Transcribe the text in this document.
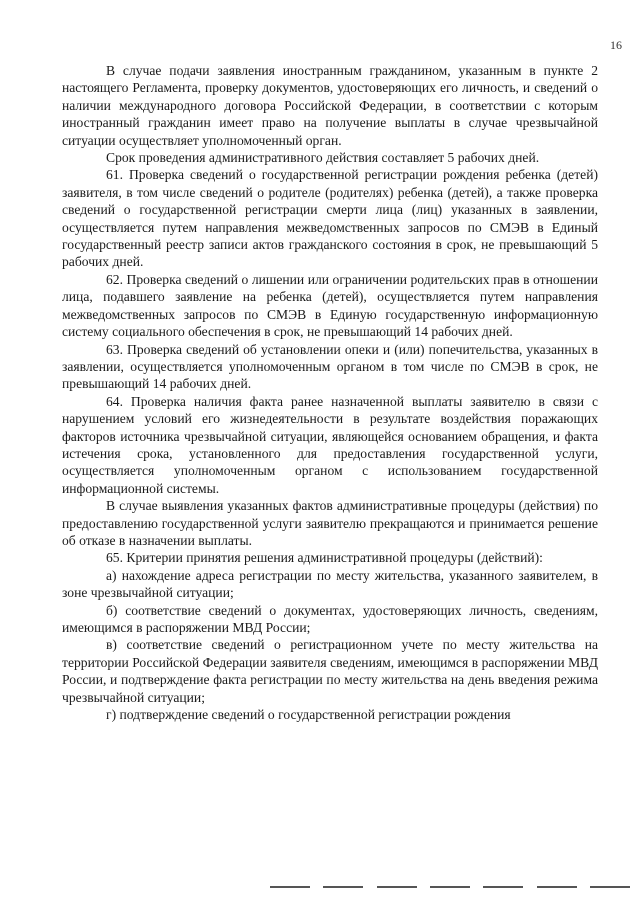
16

В случае подачи заявления иностранным гражданином, указанным в пункте 2 настоящего Регламента, проверку документов, удостоверяющих его личность, и сведений о наличии международного договора Российской Федерации, в соответствии с которым иностранный гражданин имеет право на получение выплаты в случае чрезвычайной ситуации осуществляет уполномоченный орган.

Срок проведения административного действия составляет 5 рабочих дней.

61. Проверка сведений о государственной регистрации рождения ребенка (детей) заявителя, в том числе сведений о родителе (родителях) ребенка (детей), а также проверка сведений о государственной регистрации смерти лица (лиц) указанных в заявлении, осуществляется путем направления межведомственных запросов по СМЭВ в Единый государственный реестр записи актов гражданского состояния в срок, не превышающий 5 рабочих дней.

62. Проверка сведений о лишении или ограничении родительских прав в отношении лица, подавшего заявление на ребенка (детей), осуществляется путем направления межведомственных запросов по СМЭВ в Единую государственную информационную систему социального обеспечения в срок, не превышающий 14 рабочих дней.

63. Проверка сведений об установлении опеки и (или) попечительства, указанных в заявлении, осуществляется уполномоченным органом в том числе по СМЭВ в срок, не превышающий 14 рабочих дней.

64. Проверка наличия факта ранее назначенной выплаты заявителю в связи с нарушением условий его жизнедеятельности в результате воздействия поражающих факторов источника чрезвычайной ситуации, являющейся основанием обращения, и факта истечения срока, установленного для предоставления государственной услуги, осуществляется уполномоченным органом с использованием государственной информационной системы.

В случае выявления указанных фактов административные процедуры (действия) по предоставлению государственной услуги заявителю прекращаются и принимается решение об отказе в назначении выплаты.

65. Критерии принятия решения административной процедуры (действий):

а) нахождение адреса регистрации по месту жительства, указанного заявителем, в зоне чрезвычайной ситуации;

б) соответствие сведений о документах, удостоверяющих личность, сведениям, имеющимся в распоряжении МВД России;

в) соответствие сведений о регистрационном учете по месту жительства на территории Российской Федерации заявителя сведениям, имеющимся в распоряжении МВД России, и подтверждение факта регистрации по месту жительства на день введения режима чрезвычайной ситуации;

г) подтверждение сведений о государственной регистрации рождения
